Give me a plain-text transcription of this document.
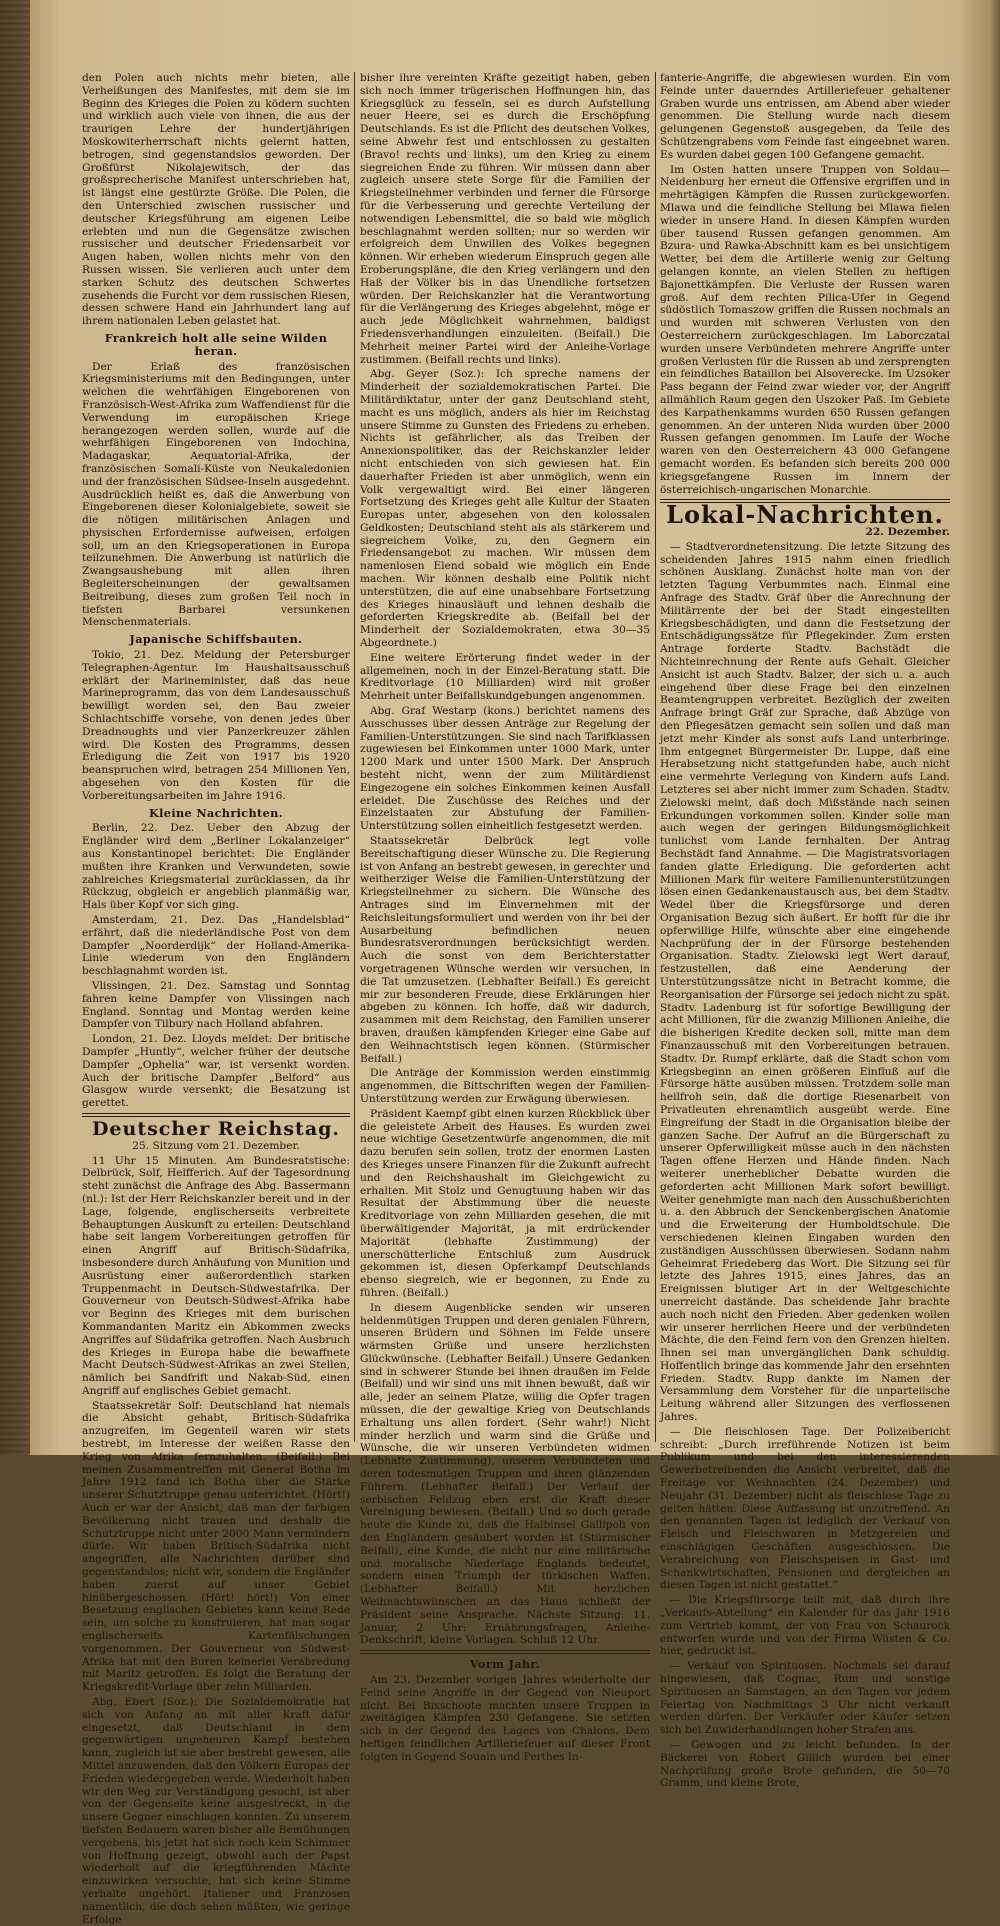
den Polen auch nichts mehr bieten, alle Verheißungen des Manifestes, mit dem sie im Beginn des Krieges die Polen zu ködern suchten und wirklich auch viele von ihnen, die aus der traurigen Lehre der hundertjährigen Moskowiterherrschaft nichts gelernt hatten, betrogen, sind gegenstandslos geworden. Der Großfürst Nikolajewitsch, der das großsprecherische Manifest unterschrieben hat, ist längst eine gestürzte Größe. Die Polen, die den Unterschied zwischen russischer und deutscher Kriegsführung am eigenen Leibe erlebten und nun die Gegensätze zwischen russischer und deutscher Friedensarbeit vor Augen haben, wollen nichts mehr von den Russen wissen. Sie verlieren auch unter dem starken Schutz des deutschen Schwertes zusehends die Furcht vor dem russischen Riesen, dessen schwere Hand ein Jahrhundert lang auf ihrem nationalen Leben gelastet hat.

Frankreich holt alle seine Wilden heran.

Der Erlaß des französischen Kriegsministeriums mit den Bedingungen, unter welchen die wehrfähigen Eingeborenen von Französisch-West-Afrika zum Waffendienst für die Verwendung im europäischen Kriege herangezogen werden sollen, wurde auf die wehrfähigen Eingeborenen von Indochina, Madagaskar, Aequatorial-Afrika, der französischen Somali-Küste von Neukaledonien und der französischen Südsee-Inseln ausgedehnt. Ausdrücklich heißt es, daß die Anwerbung von Eingeborenen dieser Kolonialgebiete, soweit sie die nötigen militärischen Anlagen und physischen Erfordernisse aufweisen, erfolgen soll, um an den Kriegsoperationen in Europa teilzunehmen. Die Anwerbung ist natürlich die Zwangsaushebung mit allen ihren Begleiterscheinungen der gewaltsamen Beitreibung, dieses zum großen Teil noch in tiefsten Barbarei versunkenen Menschenmaterials.

Japanische Schiffsbauten.

Tokio, 21. Dez. Meldung der Petersburger Telegraphen-Agentur. Im Haushaltsausschuß erklärt der Marineminister, daß das neue Marineprogramm, das von dem Landesausschuß bewilligt worden sei, den Bau zweier Schlachtschiffe vorsehe, von denen jedes über Dreadnoughts und vier Panzerkreuzer zählen wird. Die Kosten des Programms, dessen Erledigung die Zeit von 1917 bis 1920 beanspruchen wird, betragen 254 Millionen Yen, abgesehen von den Kosten für die Vorbereitungsarbeiten im Jahre 1916.

Kleine Nachrichten.

Berlin, 22. Dez. Ueber den Abzug der Engländer wird dem „Berliner Lokalanzeiger“ aus Konstantinopel berichtet: Die Engländer mußten ihre Kranken und Verwundeten, sowie zahlreiches Kriegsmaterial zurücklassen, da ihr Rückzug, obgleich er angeblich planmäßig war, Hals über Kopf vor sich ging.

Amsterdam, 21. Dez. Das „Handelsblad“ erfährt, daß die niederländische Post von dem Dampfer „Noorderdijk“ der Holland-Amerika-Linie wiederum von den Engländern beschlagnahmt worden ist.

Vlissingen, 21. Dez. Samstag und Sonntag fahren keine Dampfer von Vlissingen nach England. Sonntag und Montag werden keine Dampfer von Tilbury nach Holland abfahren.

London, 21. Dez. Lloyds meldet: Der britische Dampfer „Huntly“, welcher früher der deutsche Dampfer „Ophelia“ war, ist versenkt worden. Auch der britische Dampfer „Belford“ aus Glasgow wurde versenkt; die Besatzung ist gerettet.

Deutscher Reichstag.

25. Sitzung vom 21. Dezember.

11 Uhr 15 Minuten. Am Bundesratstische: Delbrück, Solf, Helfferich. Auf der Tagesordnung steht zunächst die Anfrage des Abg. Bassermann (nl.): Ist der Herr Reichskanzler bereit und in der Lage, folgende, englischerseits verbreitete Behauptungen Auskunft zu erteilen: Deutschland habe seit langem Vorbereitungen getroffen für einen Angriff auf Britisch-Südafrika, insbesondere durch Anhäufung von Munition und Ausrüstung einer außerordentlich starken Truppenmacht in Deutsch-Südwestafrika. Der Gouverneur von Deutsch-Südwest-Afrika habe vor Beginn des Krieges mit dem burischen Kommandanten Maritz ein Abkommen zwecks Angriffes auf Südafrika getroffen. Nach Ausbruch des Krieges in Europa habe die bewaffnete Macht Deutsch-Südwest-Afrikas an zwei Stellen, nämlich bei Sandfrift und Nakab-Süd, einen Angriff auf englisches Gebiet gemacht.

Staatssekretär Solf: Deutschland hat niemals die Absicht gehabt, Britisch-Südafrika anzugreifen, im Gegenteil waren wir stets bestrebt, im Interesse der weißen Rasse den Krieg von Afrika fernzuhalten. (Beifall.) Bei meinen Zusammentreffen mit General Botha im Jahre 1912 fand ich Botha über die Stärke unserer Schutztruppe genau unterrichtet. (Hört!) Auch er war der Ansicht, daß man der farbigen Bevölkerung nicht trauen und deshalb die Schutztruppe nicht unter 2000 Mann vermindern dürfe. Wir haben Britisch-Südafrika nicht angegriffen, alle Nachrichten darüber sind gegenstandslos; nicht wir, sondern die Engländer haben zuerst auf unser Gebiet hinübergeschossen. (Hört! hört!) Von einer Besetzung englischen Gebietes kann keine Rede sein, um solche zu konstruieren, hat man sogar englischerseits Kartenfälschungen vorgenommen. Der Gouverneur von Südwest-Afrika hat mit den Buren keinerlei Verabredung mit Maritz getroffen. Es folgt die Beratung der Kriegskredit-Vorlage über zehn Milliarden.

Abg. Ebert (Soz.): Die Sozialdemokratie hat sich von Anfang an mit aller Kraft dafür eingesetzt, daß Deutschland in dem gegenwärtigen ungeheuren Kampf bestehen kann, zugleich ist sie aber bestrebt gewesen, alle Mittel anzuwenden, daß den Völkern Europas der Frieden wiedergegeben werde. Wiederholt haben wir den Weg zur Verständigung gesucht, ist aber von der Gegenseite keine ausgestreckt, in die unsere Gegner einschlagen konnten. Zu unserem tiefsten Bedauern waren bisher alle Bemühungen vergebens, bis jetzt hat sich noch kein Schimmer von Hoffnung gezeigt, obwohl auch der Papst wiederholt auf die kriegführenden Mächte einzuwirken versuchte, hat sich keine Stimme verhalte ungehört. Italiener und Franzosen namentlich, die doch sehen müßten, wie geringe Erfolge

bisher ihre vereinten Kräfte gezeitigt haben, geben sich noch immer trügerischen Hoffnungen hin, das Kriegsglück zu fesseln, sei es durch Aufstellung neuer Heere, sei es durch die Erschöpfung Deutschlands. Es ist die Pflicht des deutschen Volkes, seine Abwehr fest und entschlossen zu gestalten (Bravo! rechts und links), um den Krieg zu einem siegreichen Ende zu führen. Wir müssen dann aber zugleich unsere stete Sorge für die Familien der Kriegsteilnehmer verbinden und ferner die Fürsorge für die Verbesserung und gerechte Verteilung der notwendigen Lebensmittel, die so bald wie möglich beschlagnahmt werden sollten; nur so werden wir erfolgreich dem Unwillen des Volkes begegnen können. Wir erheben wiederum Einspruch gegen alle Eroberungspläne, die den Krieg verlängern und den Haß der Völker bis in das Unendliche fortsetzen würden. Der Reichskanzler hat die Verantwortung für die Verlängerung des Krieges abgelehnt, möge er auch jede Möglichkeit wahrnehmen, baldigst Friedensverhandlungen einzuleiten. (Beifall.) Die Mehrheit meiner Partei wird der Anleihe-Vorlage zustimmen. (Beifall rechts und links).

Abg. Geyer (Soz.): Ich spreche namens der Minderheit der sozialdemokratischen Partei. Die Militärdiktatur, unter der ganz Deutschland steht, macht es uns möglich, anders als hier im Reichstag unsere Stimme zu Gunsten des Friedens zu erheben. Nichts ist gefährlicher, als das Treiben der Annexionspolitiker, das der Reichskanzler leider nicht entschieden von sich gewiesen hat. Ein dauerhafter Frieden ist aber unmöglich, wenn ein Volk vergewaltigt wird. Bei einer längeren Fortsetzung des Krieges geht alle Kultur der Staaten Europas unter, abgesehen von den kolossalen Geldkosten; Deutschland steht als als stärkerem und siegreichem Volke, zu, den Gegnern ein Friedensangebot zu machen. Wir müssen dem namenlosen Elend sobald wie möglich ein Ende machen. Wir können deshalb eine Politik nicht unterstützen, die auf eine unabsehbare Fortsetzung des Krieges hinausläuft und lehnen deshalb die geforderten Kriegskredite ab. (Beifall bei der Minderheit der Sozialdemokraten, etwa 30—35 Abgeordnete.)

Eine weitere Erörterung findet weder in der allgemeinen, noch in der Einzel-Beratung statt. Die Kreditvorlage (10 Milliarden) wird mit großer Mehrheit unter Beifallskundgebungen angenommen.

Abg. Graf Westarp (kons.) berichtet namens des Ausschusses über dessen Anträge zur Regelung der Familien-Unterstützungen. Sie sind nach Tarifklassen zugewiesen bei Einkommen unter 1000 Mark, unter 1200 Mark und unter 1500 Mark. Der Anspruch besteht nicht, wenn der zum Militärdienst Eingezogene ein solches Einkommen keinen Ausfall erleidet. Die Zuschüsse des Reiches und der Einzelstaaten zur Abstufung der Familien-Unterstützung sollen einheitlich festgesetzt werden.

Staatssekretär Delbrück legt volle Bereitschaftigung dieser Wünsche zu. Die Regierung ist von Anfang an bestrebt gewesen, in gerechter und weitherziger Weise die Familien-Unterstützung der Kriegsteilnehmer zu sichern. Die Wünsche des Antrages sind im Einvernehmen mit der Reichsleitungsformuliert und werden von ihr bei der Ausarbeitung befindlichen neuen Bundesratsverordnungen berücksichtigt werden. Auch die sonst von dem Berichterstatter vorgetragenen Wünsche werden wir versuchen, in die Tat umzusetzen. (Lebhafter Beifall.) Es gereicht mir zur besonderen Freude, diese Erklärungen hier abgeben zu können. Ich hoffe, daß wir dadurch, zusammen mit dem Reichstag, den Familien unserer braven, draußen kämpfenden Krieger eine Gabe auf den Weihnachtstisch legen können. (Stürmischer Beifall.)

Die Anträge der Kommission werden einstimmig angenommen, die Bittschriften wegen der Familien-Unterstützung werden zur Erwägung überwiesen.

Präsident Kaempf gibt einen kurzen Rückblick über die geleistete Arbeit des Hauses. Es wurden zwei neue wichtige Gesetzentwürfe angenommen, die mit dazu berufen sein sollen, trotz der enormen Lasten des Krieges unsere Finanzen für die Zukunft aufrecht und den Reichshaushalt im Gleichgewicht zu erhalten. Mit Stolz und Genugtuung haben wir das Resultat der Abstimmung über die neueste Kreditvorlage von zehn Milliarden gesehen, die mit überwältigender Majorität, ja mit erdrückender Majorität (lebhafte Zustimmung) der unerschütterliche Entschluß zum Ausdruck gekommen ist, diesen Opferkampf Deutschlands ebenso siegreich, wie er begonnen, zu Ende zu führen. (Beifall.)

In diesem Augenblicke senden wir unseren heldenmütigen Truppen und deren genialen Führern, unseren Brüdern und Söhnen im Felde unsere wärmsten Grüße und unsere herzlichsten Glückwünsche. (Lebhafter Beifall.) Unsere Gedanken sind in schwerer Stunde bei ihnen draußen im Felde (Beifall) und wir sind uns mit ihnen bewußt, daß wir alle, jeder an seinem Platze, willig die Opfer tragen müssen, die der gewaltige Krieg von Deutschlands Erhaltung uns allen fordert. (Sehr wahr!) Nicht minder herzlich und warm sind die Grüße und Wünsche, die wir unseren Verbündeten widmen (Lebhafte Zustimmung), unseren Verbündeten und deren todesmutigen Truppen und ihren glänzenden Führern. (Lebhafter Beifall.) Der Verlauf der serbischen Feldzug eben erst die Kraft dieser Vereinigung bewiesen. (Beifall.) Und so doch gerade heute die Kunde zu, daß die Halbinsel Gallipoli von den Engländern gesäubert worden ist (Stürmischer Beifall), eine Kunde, die nicht nur eine militärische und moralische Niederlage Englands bedeutet, sondern einen Triumph der türkischen Waffen. (Lebhafter Beifall.) Mit herzlichen Weihnachtswünschen an das Haus schließt der Präsident seine Ansprache. Nächste Sitzung: 11. Januar, 2 Uhr: Ernährungsfragen, Anleihe-Denkschrift, kleine Vorlagen. Schluß 12 Uhr.

Vorm Jahr.

Am 23. Dezember vorigen Jahres wiederholte der Feind seine Angriffe in der Gegend von Nieuport nicht. Bei Bixschoote machten unsere Truppen in zweitägigen Kämpfen 230 Gefangene. Sie setzten sich in der Gegend des Lagers von Chalons. Dem heftigen feindlichen Artilleriefeuer auf dieser Front folgten in Gegend Souain und Perthes In-

fanterie-Angriffe, die abgewiesen wurden. Ein vom Feinde unter dauerndes Artilleriefeuer gehaltener Graben wurde uns entrissen, am Abend aber wieder genommen. Die Stellung wurde nach diesem gelungenen Gegenstoß ausgegeben, da Teile des Schützengrabens vom Feinde fast eingeebnet waren. Es wurden dabei gegen 100 Gefangene gemacht.

Im Osten hatten unsere Truppen von Soldau—Neidenburg her erneut die Offensive ergriffen und in mehrtägigen Kämpfen die Russen zurückgeworfen. Mlawa und die feindliche Stellung bei Mlawa fielen wieder in unsere Hand. In diesen Kämpfen wurden über tausend Russen gefangen genommen. Am Bzura- und Rawka-Abschnitt kam es bei unsichtigem Wetter, bei dem die Artillerie wenig zur Geltung gelangen konnte, an vielen Stellen zu heftigen Bajonettkämpfen. Die Verluste der Russen waren groß. Auf dem rechten Pilica-Ufer in Gegend südöstlich Tomaszow griffen die Russen nochmals an und wurden mit schweren Verlusten von den Oesterreichern zurückgeschlagen. Im Laborczatal wurden unsere Verbündeten mehrere Angriffe unter großen Verlusten für die Russen ab und zersprengten ein feindliches Bataillon bei Alsoverecke. Im Uzsoker Pass begann der Feind zwar wieder vor, der Angriff allmählich Raum gegen den Uszoker Paß. Im Gebiete des Karpathenkamms wurden 650 Russen gefangen genommen. An der unteren Nida wurden über 2000 Russen gefangen genommen. Im Laufe der Woche waren von den Oesterreichern 43 000 Gefangene gemacht worden. Es befanden sich bereits 200 000 kriegsgefangene Russen im Innern der österreichisch-ungarischen Monarchie.

Lokal-Nachrichten.

22. Dezember.

— Stadtverordnetensitzung. Die letzte Sitzung des scheidenden Jahres 1915 nahm einen friedlich schönen Ausklang. Zunächst holte man von der letzten Tagung Verbummtes nach. Einmal eine Anfrage des Stadtv. Gräf über die Anrechnung der Militärrente der bei der Stadt eingestellten Kriegsbeschädigten, und dann die Festsetzung der Entschädigungssätze für Pflegekinder. Zum ersten Antrage forderte Stadtv. Bachstädt die Nichteinrechnung der Rente aufs Gehalt. Gleicher Ansicht ist auch Stadtv. Balzer, der sich u. a. auch eingehend über diese Frage bei den einzelnen Beamtengruppen verbreitet. Bezüglich der zweiten Anfrage bringt Gräf zur Sprache, daß Abzüge von den Pflegesätzen gemacht sein sollen und daß man jetzt mehr Kinder als sonst aufs Land unterbringe. Ihm entgegnet Bürgermeister Dr. Luppe, daß eine Herabsetzung nicht stattgefunden habe, auch nicht eine vermehrte Verlegung von Kindern aufs Land. Letzteres sei aber nicht immer zum Schaden. Stadtv. Zielowski meint, daß doch Mißstände nach seinen Erkundungen vorkommen sollen. Kinder solle man auch wegen der geringen Bildungsmöglichkeit tunlichst vom Lande fernhalten. Der Antrag Bechstädt fand Annahme. — Die Magistratsvorlagen fanden glatte Erledigung. Die geforderten acht Millionen Mark für weitere Familienunterstützungen lösen einen Gedankenaustausch aus, bei dem Stadtv. Wedel über die Kriegsfürsorge und deren Organisation Bezug sich äußert. Er hofft für die ihr opferwillige Hilfe, wünschte aber eine eingehende Nachprüfung der in der Fürsorge bestehenden Organisation. Stadtv. Zielowski legt Wert darauf, festzustellen, daß eine Aenderung der Unterstützungssätze nicht in Betracht komme, die Reorganisation der Fürsorge sei jedoch nicht zu spät. Stadtv. Ladenburg ist für sofortige Bewilligung der acht Millionen, für die zwanzig Millionen Anleihe, die die bisherigen Kredite decken soll, mitte man dem Finanzausschuß mit den Vorbereitungen betrauen. Stadtv. Dr. Rumpf erklärte, daß die Stadt schon vom Kriegsbeginn an einen größeren Einfluß auf die Fürsorge hätte ausüben müssen. Trotzdem solle man heilfroh sein, daß die dortige Riesenarbeit von Privatleuten ehrenamtlich ausgeübt werde. Eine Eingreifung der Stadt in die Organisation bleibe der ganzen Sache. Der Aufruf an die Bürgerschaft zu unserer Opferwilligkeit müsse auch in den nächsten Tagen offene Herzen und Hände finden. Nach weiterer unerheblicher Debatte wurden die geforderten acht Millionen Mark sofort bewilligt. Weiter genehmigte man nach den Ausschußberichten u. a. den Abbruch der Senckenbergischen Anatomie und die Erweiterung der Humboldtschule. Die verschiedenen kleinen Eingaben wurden den zuständigen Ausschüssen überwiesen. Sodann nahm Geheimrat Friedeberg das Wort. Die Sitzung sei für letzte des Jahres 1915, eines Jahres, das an Ereignissen blutiger Art in der Weltgeschichte unerreicht dastände. Das scheidende Jahr brachte auch noch nicht den Frieden. Aber gedenken wollen wir unserer herrlichen Heere und der verbündeten Mächte, die den Feind fern von den Grenzen hielten. Ihnen sei man unvergänglichen Dank schuldig. Hoffentlich bringe das kommende Jahr den ersehnten Frieden. Stadtv. Rupp dankte im Namen der Versammlung dem Vorsteher für die unparteiische Leitung während aller Sitzungen des verflossenen Jahres.

— Die fleischlosen Tage. Der Polizeibericht schreibt: „Durch irreführende Notizen ist beim Publikum und bei den interessierenden Gewerbetreibenden die Ansicht verbreitet, daß die Freitage vor Weihnachten (24. Dezember) und Neujahr (31. Dezember) nicht als fleischlose Tage zu gelten hätten. Diese Auffassung ist unzutreffend. An den genannten Tagen ist lediglich der Verkauf von Fleisch und Fleischwaren in Metzgereien und einschlägigen Geschäften ausgeschlossen. Die Verabreichung von Fleischspeisen in Gast- und Schankwirtschaften, Pensionen und dergleichen an diesen Tagen ist nicht gestattet.“

— Die Kriegsfürsorge teilt mit, daß durch ihre „Verkaufs-Abteilung“ ein Kalender für das Jahr 1916 zum Vertrieb kommt, der von Frau von Schaurock entworfen wurde und von der Firma Wüsten & Co. hier, gedruckt ist.

— Verkauf von Spirituosen. Nochmals sei darauf hingewiesen, daß Cognac, Rum und sonstige Spirituosen an Samstagen, an den Tagen vor jedem Feiertag von Nachmittags 3 Uhr nicht verkauft werden dürfen. Der Verkäufer oder Käufer setzen sich bei Zuwiderhandlungen hoher Strafen aus.

— Gewogen und zu leicht befunden. In der Bäckerei von Robert Gillich wurden bei einer Nachprüfung große Brote gefunden, die 50—70 Gramm, und kleine Brote,
